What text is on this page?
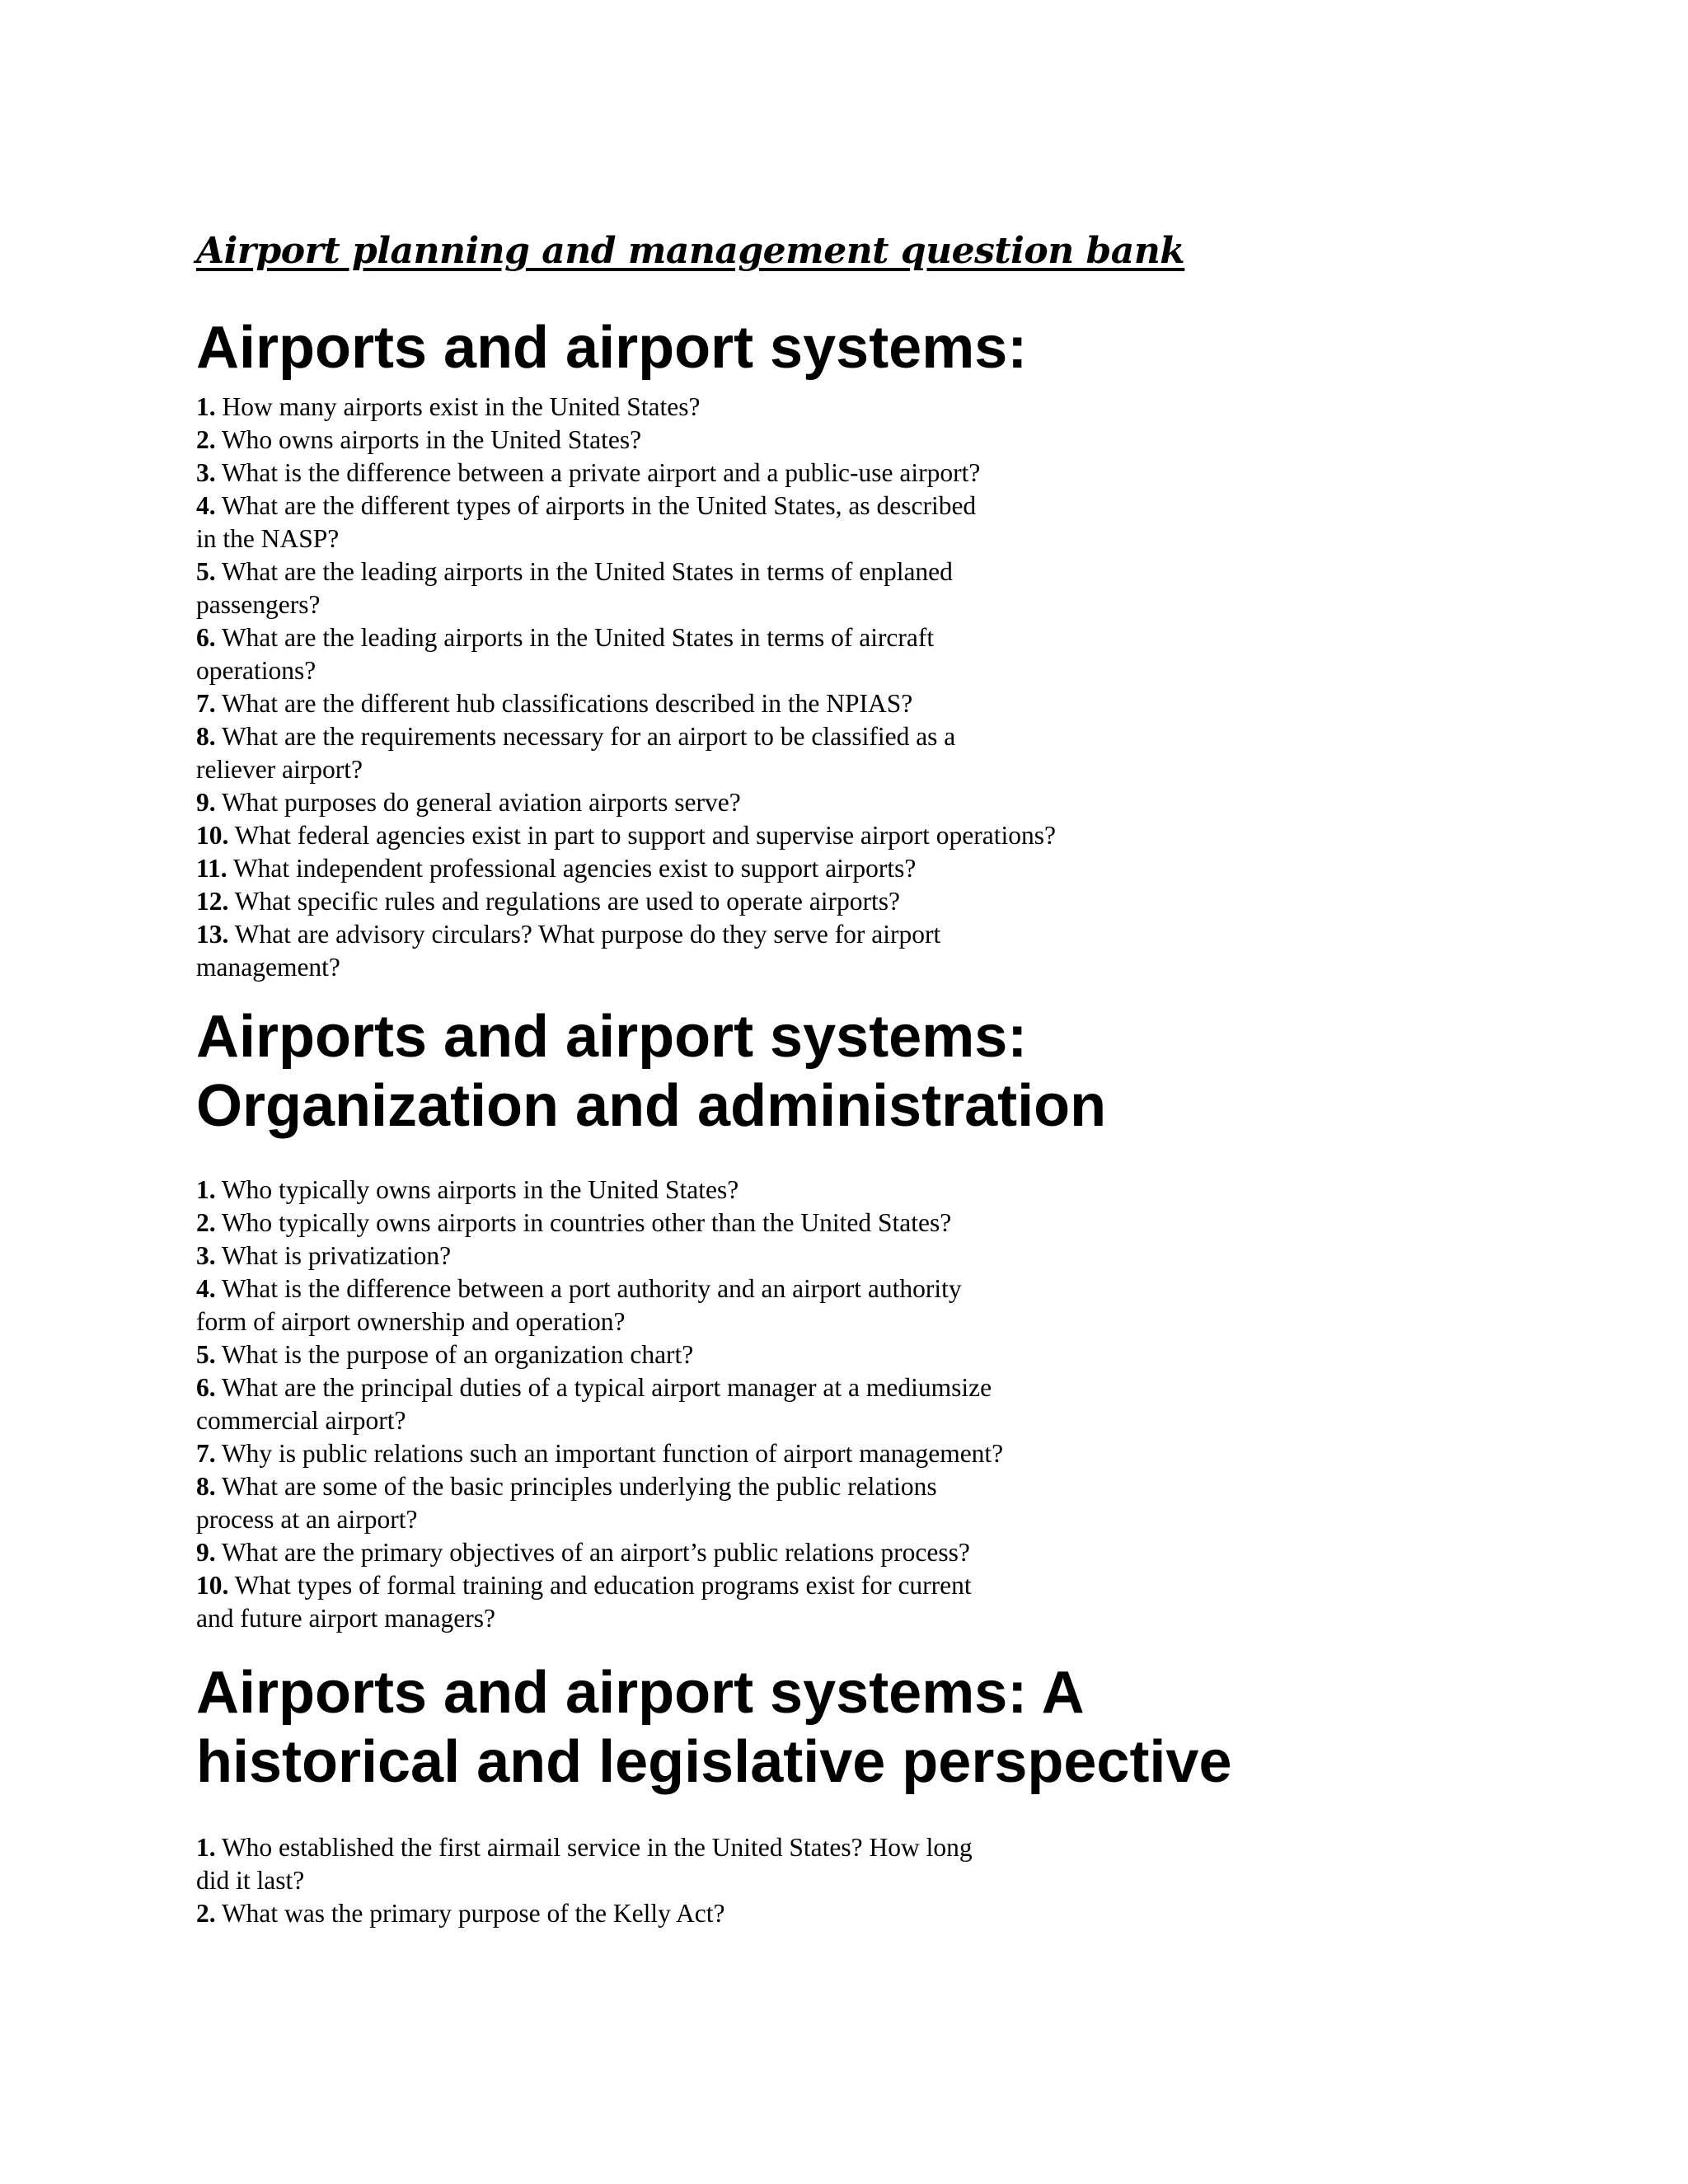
Airport planning and management question bank
Airports and airport systems:
1. How many airports exist in the United States?
2. Who owns airports in the United States?
3. What is the difference between a private airport and a public-use airport?
4. What are the different types of airports in the United States, as described
in the NASP?
5. What are the leading airports in the United States in terms of enplaned
passengers?
6. What are the leading airports in the United States in terms of aircraft
operations?
7. What are the different hub classifications described in the NPIAS?
8. What are the requirements necessary for an airport to be classified as a
reliever airport?
9. What purposes do general aviation airports serve?
10. What federal agencies exist in part to support and supervise airport operations?
11. What independent professional agencies exist to support airports?
12. What specific rules and regulations are used to operate airports?
13. What are advisory circulars? What purpose do they serve for airport
management?
Airports and airport systems:
Organization and administration
1. Who typically owns airports in the United States?
2. Who typically owns airports in countries other than the United States?
3. What is privatization?
4. What is the difference between a port authority and an airport authority
form of airport ownership and operation?
5. What is the purpose of an organization chart?
6. What are the principal duties of a typical airport manager at a mediumsize
commercial airport?
7. Why is public relations such an important function of airport management?
8. What are some of the basic principles underlying the public relations
process at an airport?
9. What are the primary objectives of an airport’s public relations process?
10. What types of formal training and education programs exist for current
and future airport managers?
Airports and airport systems: A
historical and legislative perspective
1. Who established the first airmail service in the United States? How long
did it last?
2. What was the primary purpose of the Kelly Act?
